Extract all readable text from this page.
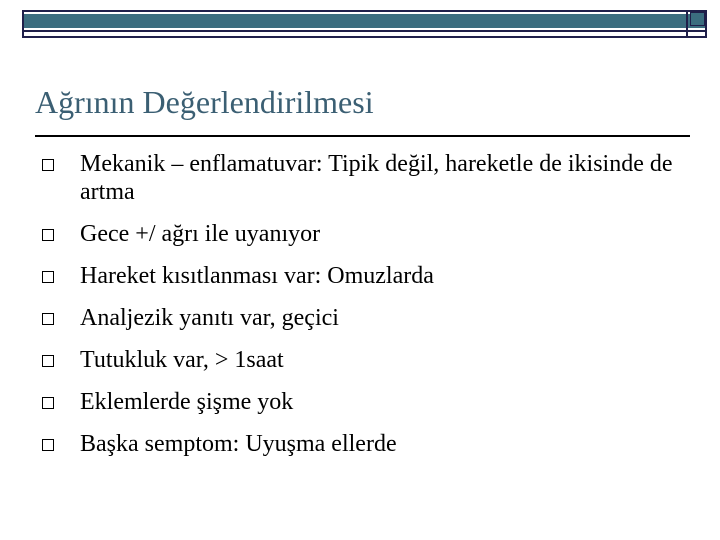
Ağrının Değerlendirilmesi
Mekanik – enflamatuvar: Tipik değil, hareketle de ikisinde de artma
Gece +/ ağrı ile uyanıyor
Hareket kısıtlanması var: Omuzlarda
Analjezik yanıtı var, geçici
Tutukluk var, > 1saat
Eklemlerde şişme yok
Başka semptom: Uyuşma ellerde
